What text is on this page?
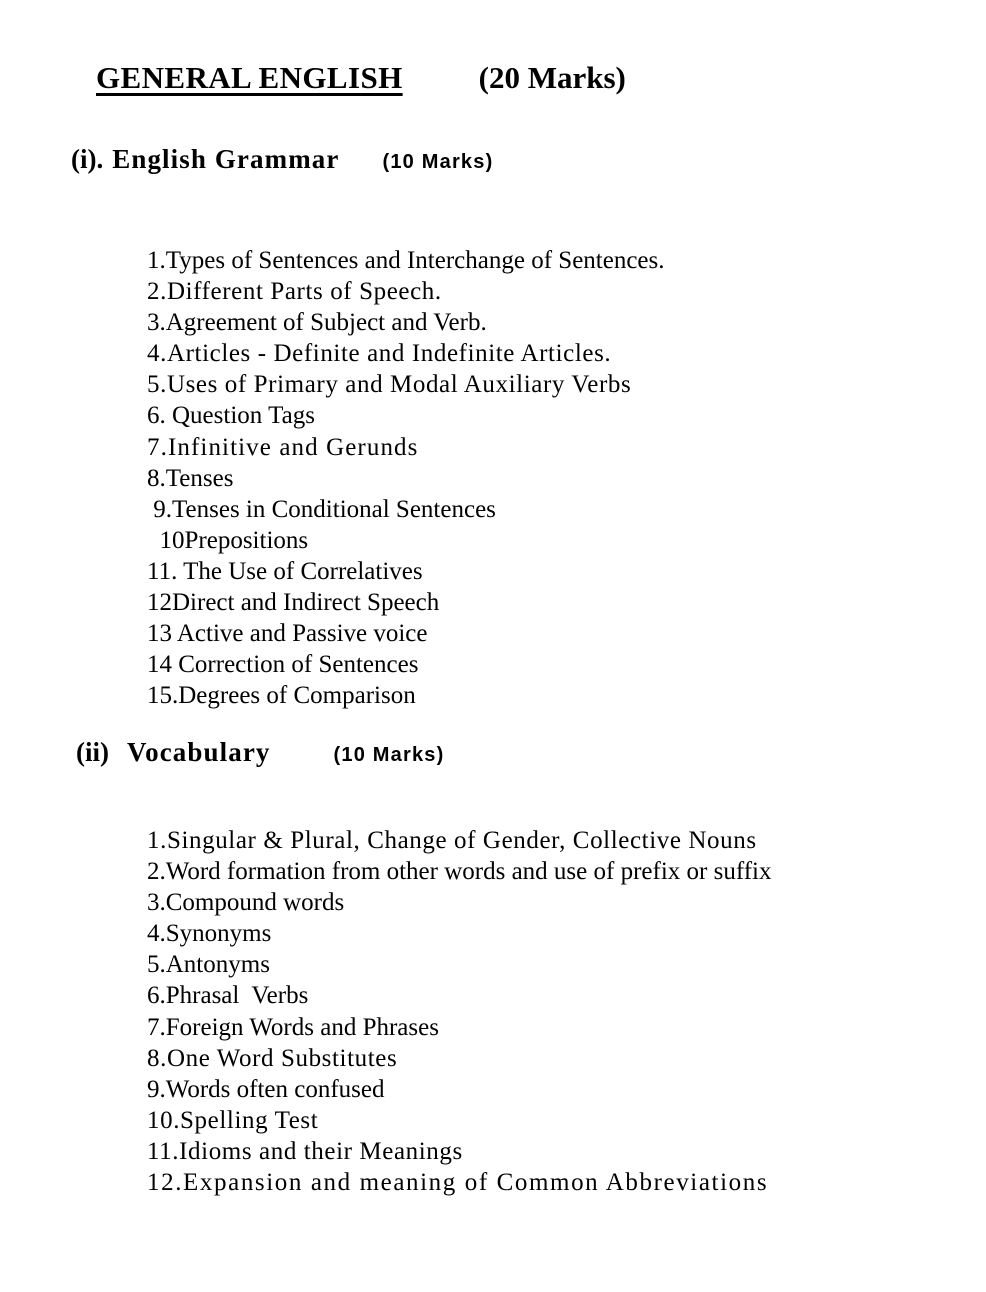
GENERAL ENGLISH (20 Marks)
(i). English Grammar (10 Marks)
1.Types of Sentences and Interchange of Sentences.
2.Different Parts of Speech.
3.Agreement of Subject and Verb.
4.Articles - Definite and Indefinite Articles.
5.Uses of Primary and Modal Auxiliary Verbs
6. Question Tags
7.Infinitive and Gerunds
8.Tenses
9.Tenses in Conditional Sentences
10Prepositions
11. The Use of Correlatives
12Direct and Indirect Speech
13 Active and Passive voice
14 Correction of Sentences
15.Degrees of Comparison
(ii) Vocabulary	(10 Marks)
1.Singular & Plural, Change of Gender, Collective Nouns
2.Word formation from other words and use of prefix or suffix
3.Compound words
4.Synonyms
5.Antonyms
6.Phrasal  Verbs
7.Foreign Words and Phrases
8.One Word Substitutes
9.Words often confused
10.Spelling Test
11.Idioms and their Meanings
12.Expansion and meaning of Common Abbreviations
